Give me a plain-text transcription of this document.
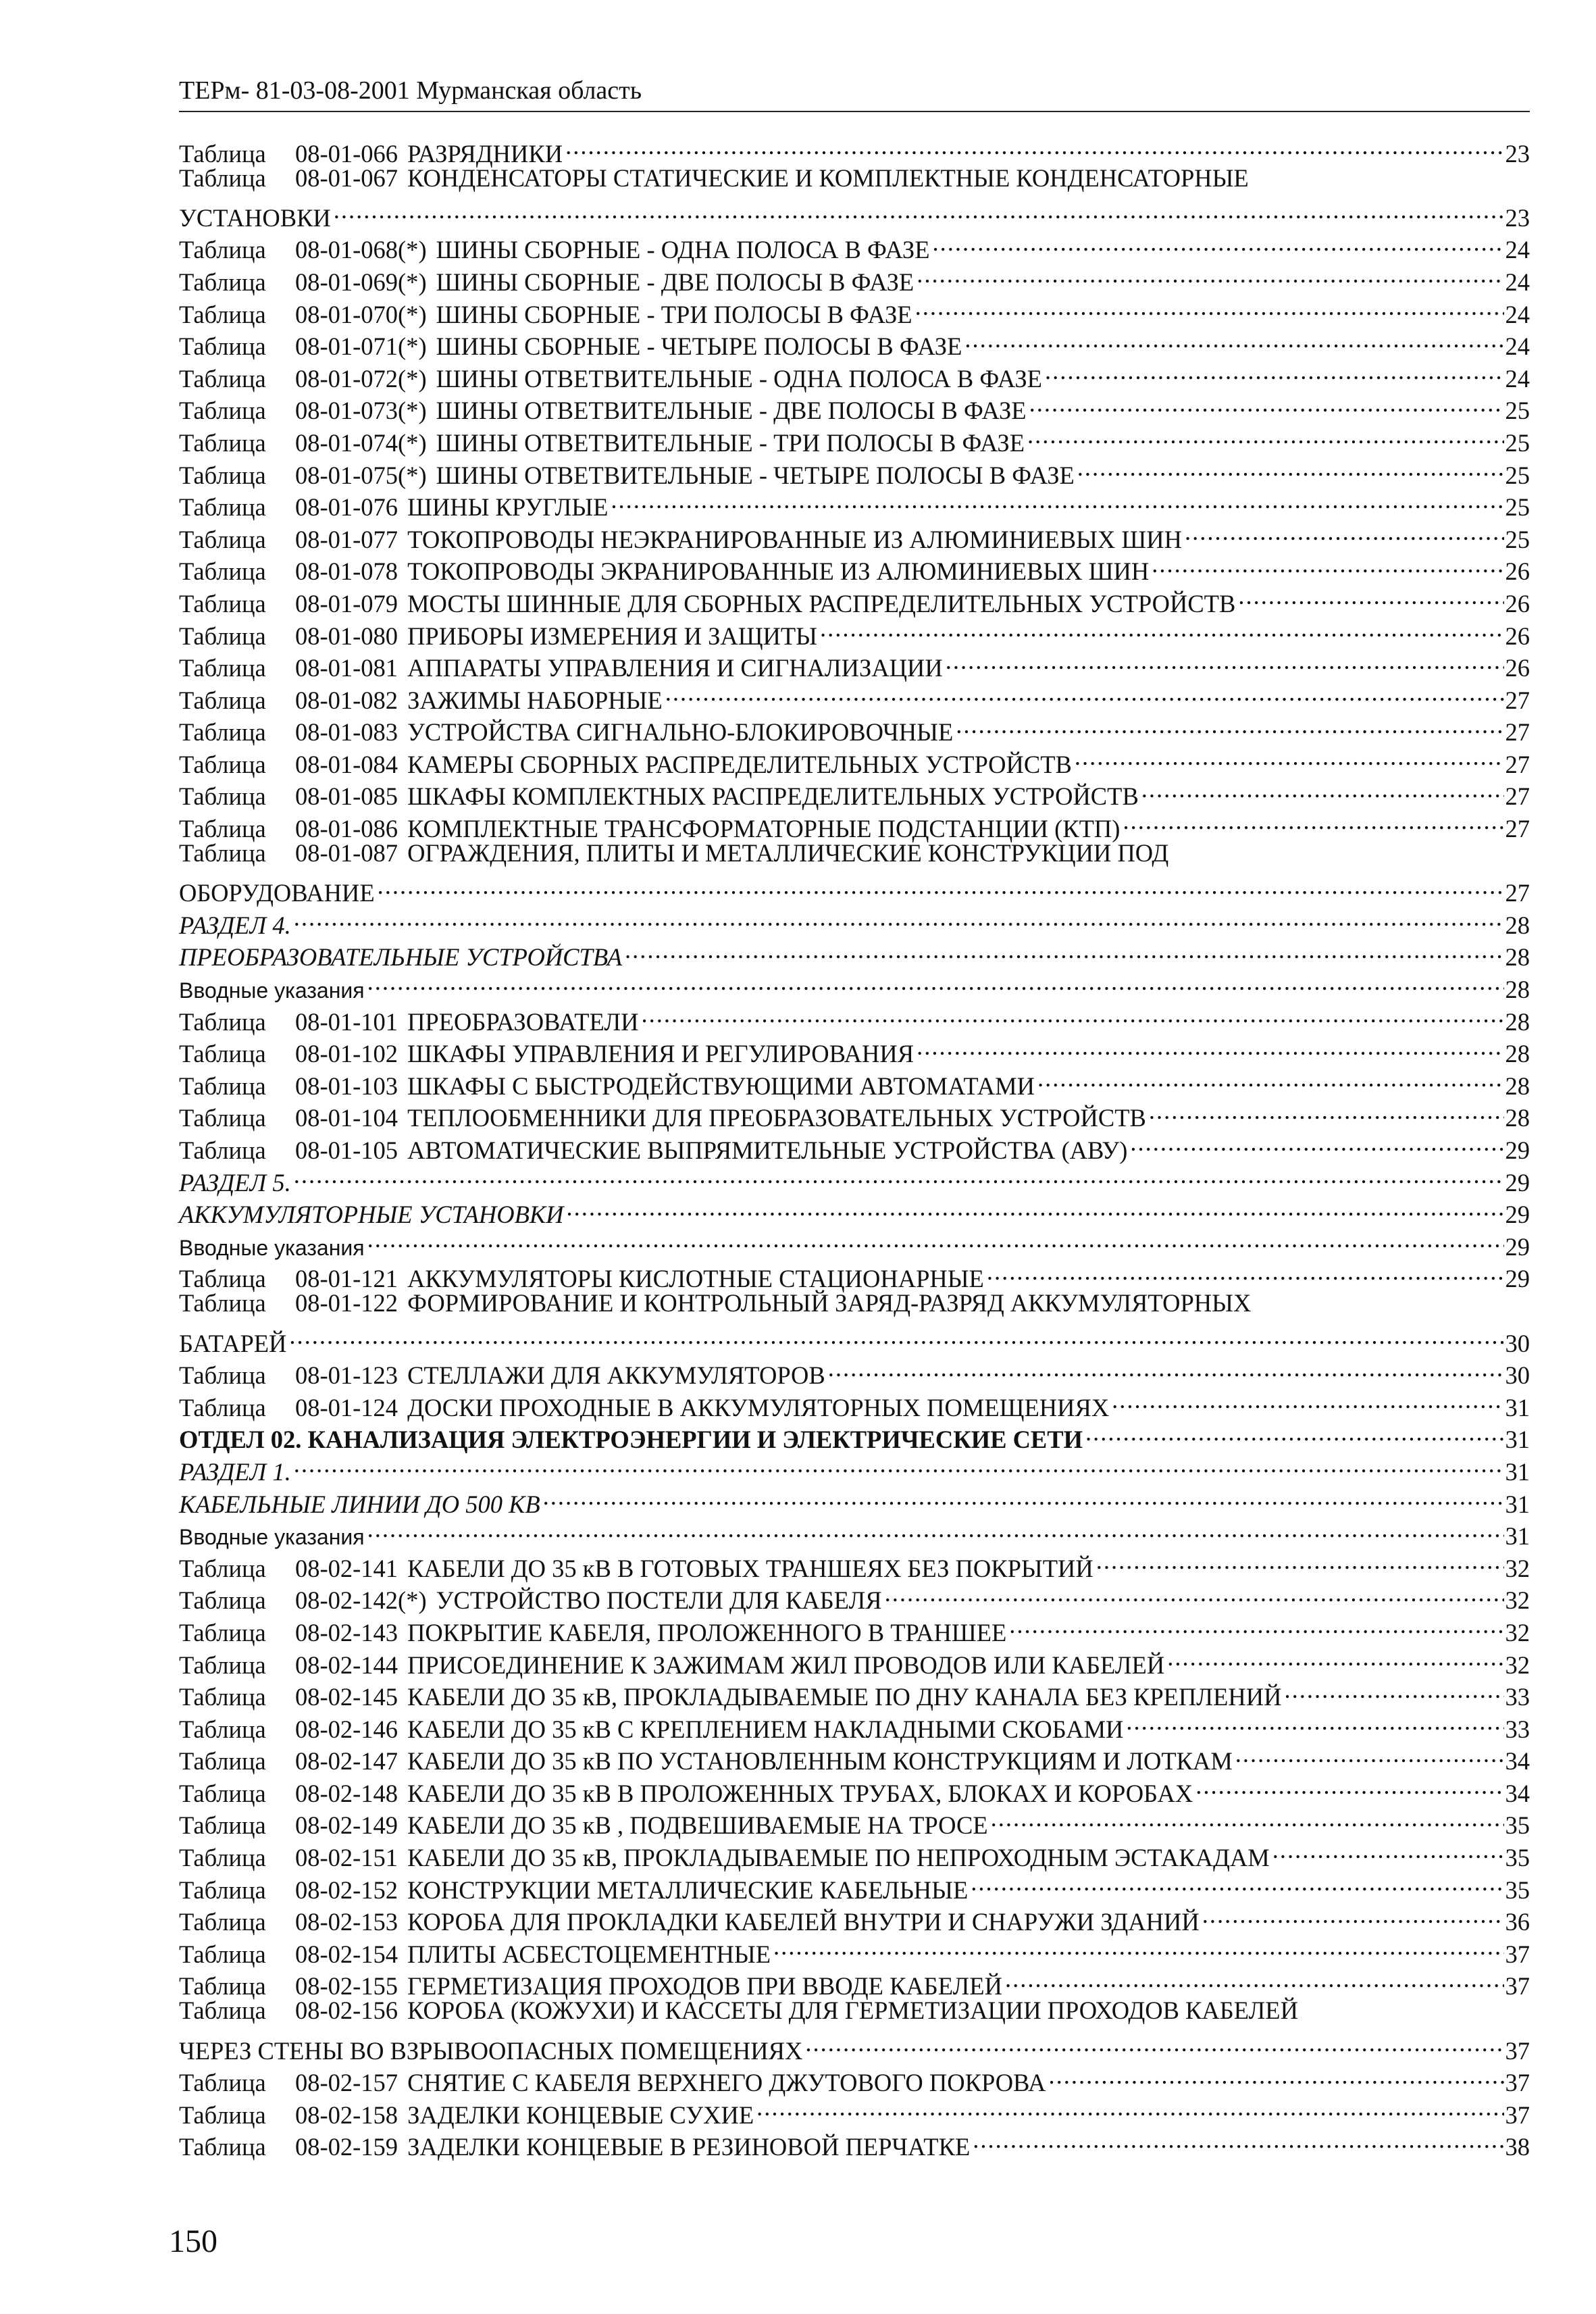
ТЕРм- 81-03-08-2001 Мурманская область
Таблица	08-01-066 РАЗРЯДНИКИ .....	23
Таблица	08-01-067 КОНДЕНСАТОРЫ СТАТИЧЕСКИЕ И КОМПЛЕКТНЫЕ КОНДЕНСАТОРНЫЕ
УСТАНОВКИ .....	23
Таблица	08-01-068(*) ШИНЫ СБОРНЫЕ - ОДНА ПОЛОСА В ФАЗЕ .....	24
Таблица	08-01-069(*) ШИНЫ СБОРНЫЕ - ДВЕ ПОЛОСЫ В ФАЗЕ .....	24
Таблица	08-01-070(*) ШИНЫ СБОРНЫЕ - ТРИ ПОЛОСЫ В ФАЗЕ .....	24
Таблица	08-01-071(*) ШИНЫ СБОРНЫЕ - ЧЕТЫРЕ ПОЛОСЫ В ФАЗЕ .....	24
Таблица	08-01-072(*) ШИНЫ ОТВЕТВИТЕЛЬНЫЕ - ОДНА ПОЛОСА В ФАЗЕ .....	24
Таблица	08-01-073(*) ШИНЫ ОТВЕТВИТЕЛЬНЫЕ - ДВЕ ПОЛОСЫ В ФАЗЕ .....	25
Таблица	08-01-074(*) ШИНЫ ОТВЕТВИТЕЛЬНЫЕ - ТРИ ПОЛОСЫ В ФАЗЕ .....	25
Таблица	08-01-075(*) ШИНЫ ОТВЕТВИТЕЛЬНЫЕ - ЧЕТЫРЕ ПОЛОСЫ В ФАЗЕ .....	25
Таблица	08-01-076 ШИНЫ КРУГЛЫЕ .....	25
Таблица	08-01-077 ТОКОПРОВОДЫ НЕЭКРАНИРОВАННЫЕ ИЗ АЛЮМИНИЕВЫХ ШИН .....	25
Таблица	08-01-078 ТОКОПРОВОДЫ ЭКРАНИРОВАННЫЕ ИЗ АЛЮМИНИЕВЫХ ШИН .....	26
Таблица	08-01-079 МОСТЫ ШИННЫЕ ДЛЯ СБОРНЫХ РАСПРЕДЕЛИТЕЛЬНЫХ УСТРОЙСТВ .....	26
Таблица	08-01-080 ПРИБОРЫ ИЗМЕРЕНИЯ И ЗАЩИТЫ .....	26
Таблица	08-01-081 АППАРАТЫ УПРАВЛЕНИЯ И СИГНАЛИЗАЦИИ .....	26
Таблица	08-01-082 ЗАЖИМЫ НАБОРНЫЕ .....	27
Таблица	08-01-083 УСТРОЙСТВА СИГНАЛЬНО-БЛОКИРОВОЧНЫЕ .....	27
Таблица	08-01-084 КАМЕРЫ СБОРНЫХ РАСПРЕДЕЛИТЕЛЬНЫХ УСТРОЙСТВ .....	27
Таблица	08-01-085 ШКАФЫ КОМПЛЕКТНЫХ РАСПРЕДЕЛИТЕЛЬНЫХ УСТРОЙСТВ .....	27
Таблица	08-01-086 КОМПЛЕКТНЫЕ ТРАНСФОРМАТОРНЫЕ ПОДСТАНЦИИ (КТП) .....	27
Таблица	08-01-087 ОГРАЖДЕНИЯ, ПЛИТЫ И МЕТАЛЛИЧЕСКИЕ КОНСТРУКЦИИ ПОД
ОБОРУДОВАНИЕ .....	27
РАЗДЕЛ 4. .....	28
ПРЕОБРАЗОВАТЕЛЬНЫЕ УСТРОЙСТВА .....	28
Вводные указания .....	28
Таблица	08-01-101 ПРЕОБРАЗОВАТЕЛИ .....	28
Таблица	08-01-102 ШКАФЫ УПРАВЛЕНИЯ И РЕГУЛИРОВАНИЯ .....	28
Таблица	08-01-103 ШКАФЫ С БЫСТРОДЕЙСТВУЮЩИМИ АВТОМАТАМИ .....	28
Таблица	08-01-104 ТЕПЛООБМЕННИКИ ДЛЯ ПРЕОБРАЗОВАТЕЛЬНЫХ УСТРОЙСТВ .....	28
Таблица	08-01-105 АВТОМАТИЧЕСКИЕ ВЫПРЯМИТЕЛЬНЫЕ УСТРОЙСТВА (АВУ) .....	29
РАЗДЕЛ 5. .....	29
АККУМУЛЯТОРНЫЕ УСТАНОВКИ .....	29
Вводные указания .....	29
Таблица	08-01-121 АККУМУЛЯТОРЫ КИСЛОТНЫЕ СТАЦИОНАРНЫЕ .....	29
Таблица	08-01-122 ФОРМИРОВАНИЕ И КОНТРОЛЬНЫЙ ЗАРЯД-РАЗРЯД АККУМУЛЯТОРНЫХ
БАТАРЕЙ .....	30
Таблица	08-01-123 СТЕЛЛАЖИ ДЛЯ АККУМУЛЯТОРОВ .....	30
Таблица	08-01-124 ДОСКИ ПРОХОДНЫЕ В АККУМУЛЯТОРНЫХ ПОМЕЩЕНИЯХ .....	31
ОТДЕЛ 02. КАНАЛИЗАЦИЯ ЭЛЕКТРОЭНЕРГИИ И ЭЛЕКТРИЧЕСКИЕ СЕТИ .....	31
РАЗДЕЛ 1. .....	31
КАБЕЛЬНЫЕ ЛИНИИ ДО 500 КВ .....	31
Вводные указания .....	31
Таблица	08-02-141 КАБЕЛИ ДО 35 кВ В ГОТОВЫХ ТРАНШЕЯХ БЕЗ ПОКРЫТИЙ .....	32
Таблица	08-02-142(*) УСТРОЙСТВО ПОСТЕЛИ ДЛЯ КАБЕЛЯ .....	32
Таблица	08-02-143 ПОКРЫТИЕ КАБЕЛЯ, ПРОЛОЖЕННОГО В ТРАНШЕЕ .....	32
Таблица	08-02-144 ПРИСОЕДИНЕНИЕ К ЗАЖИМАМ ЖИЛ ПРОВОДОВ ИЛИ КАБЕЛЕЙ .....	32
Таблица	08-02-145 КАБЕЛИ ДО 35 кВ, ПРОКЛАДЫВАЕМЫЕ ПО ДНУ КАНАЛА БЕЗ КРЕПЛЕНИЙ .....	33
Таблица	08-02-146 КАБЕЛИ ДО 35 кВ С КРЕПЛЕНИЕМ НАКЛАДНЫМИ СКОБАМИ .....	33
Таблица	08-02-147 КАБЕЛИ ДО 35 кВ ПО УСТАНОВЛЕННЫМ КОНСТРУКЦИЯМ И ЛОТКАМ .....	34
Таблица	08-02-148 КАБЕЛИ ДО 35 кВ В ПРОЛОЖЕННЫХ ТРУБАХ, БЛОКАХ И КОРОБАХ .....	34
Таблица	08-02-149 КАБЕЛИ ДО 35 кВ , ПОДВЕШИВАЕМЫЕ НА ТРОСЕ .....	35
Таблица	08-02-151 КАБЕЛИ ДО 35 кВ, ПРОКЛАДЫВАЕМЫЕ ПО НЕПРОХОДНЫМ ЭСТАКАДАМ .....	35
Таблица	08-02-152 КОНСТРУКЦИИ МЕТАЛЛИЧЕСКИЕ КАБЕЛЬНЫЕ .....	35
Таблица	08-02-153 КОРОБА ДЛЯ ПРОКЛАДКИ КАБЕЛЕЙ ВНУТРИ И СНАРУЖИ ЗДАНИЙ .....	36
Таблица	08-02-154 ПЛИТЫ АСБЕСТОЦЕМЕНТНЫЕ .....	37
Таблица	08-02-155 ГЕРМЕТИЗАЦИЯ ПРОХОДОВ ПРИ ВВОДЕ КАБЕЛЕЙ .....	37
Таблица	08-02-156 КОРОБА (КОЖУХИ) И КАССЕТЫ ДЛЯ ГЕРМЕТИЗАЦИИ ПРОХОДОВ КАБЕЛЕЙ
ЧЕРЕЗ СТЕНЫ ВО ВЗРЫВООПАСНЫХ ПОМЕЩЕНИЯХ .....	37
Таблица	08-02-157 СНЯТИЕ С КАБЕЛЯ ВЕРХНЕГО ДЖУТОВОГО ПОКРОВА .....	37
Таблица	08-02-158 ЗАДЕЛКИ КОНЦЕВЫЕ СУХИЕ .....	37
Таблица	08-02-159 ЗАДЕЛКИ КОНЦЕВЫЕ В РЕЗИНОВОЙ ПЕРЧАТКЕ .....	38
150
